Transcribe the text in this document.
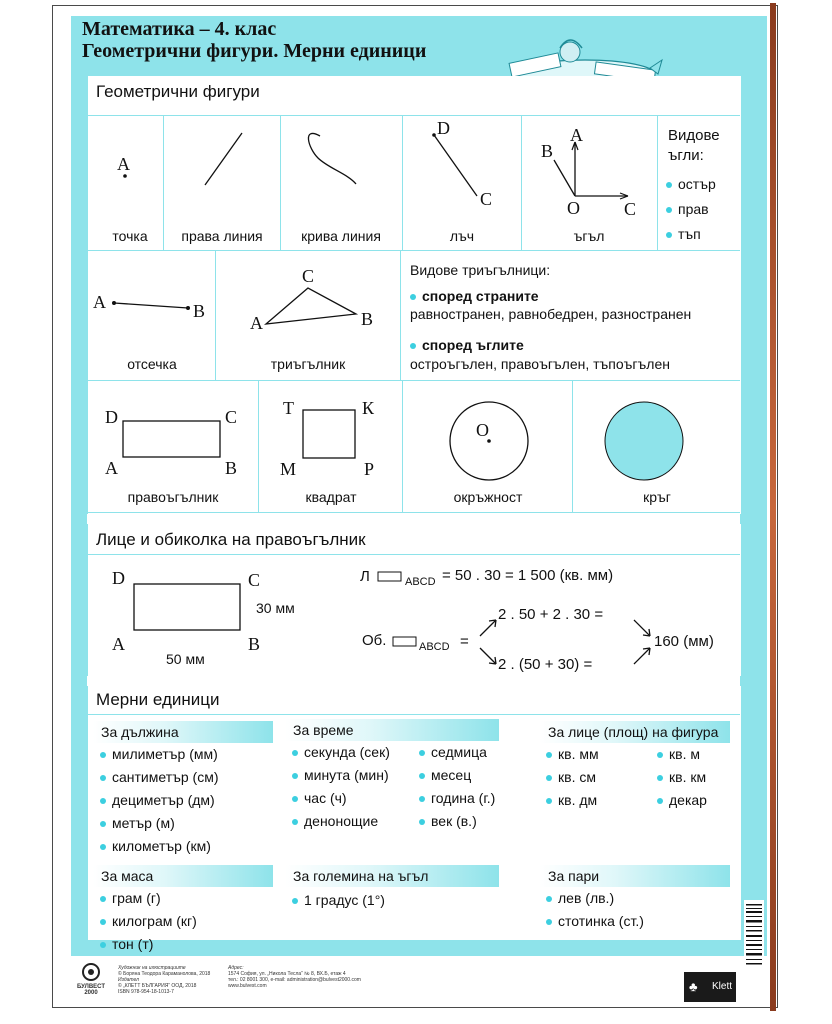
Математика – 4. клас
Геометрични фигури. Мерни единици
Геометрични фигури
A
точка	права линия	крива линия
D
C
лъч
A
B
O C
ъгъл
Видове ъгли:
остър
прав
тъп
A	B
отсечка
C
A	B
триъгълник
Видове триъгълници:
според страните
равностранен, равнобедрен, разностранен
според ъглите
остроъгълен, правоъгълен, тъпоъгълен
D	C
A	B
правоъгълник
T	К
М	Р
квадрат
O
окръжност	кръг
Лице и обиколка на правоъгълник
D	C
A	B
30 мм
50 мм
Л	ABCD = 50 . 30 = 1 500 (кв. мм)
Об.	ABCD =
2 . 50 + 2 . 30 =
2 . (50 + 30) =
160 (мм)
Мерни единици
За дължина
милиметър (мм)
сантиметър (см)
дециметър (дм)
метър (м)
километър (км)
За време
секунда (сек)
минута (мин)
час (ч)
денонощие
седмица
месец
година (г.)
век (в.)
За лице (площ) на фигура
кв. мм
кв. см
кв. дм
кв. м
кв. км
декар
За маса
грам (г)
килограм (кг)
тон (т)
За големина на ъгъл
1 градус (1°)
За пари
лев (лв.)
стотинка (ст.)
БУЛВЕСТ 2000
Художник на илюстрациите
© Боряна Теодора Караманолова, 2018
Издател
© „КЛЕТТ БЪЛГАРИЯ“ ООД, 2018
ISBN 978-954-18-1013-7
Адрес:
1574 София, ул. „Никола Тесла“ № 8, ВХ.Б, етаж 4
тел.: 02 8001 300, e-mail: administration@bulvest2000.com
www.bulvest.com	♣ Klett
